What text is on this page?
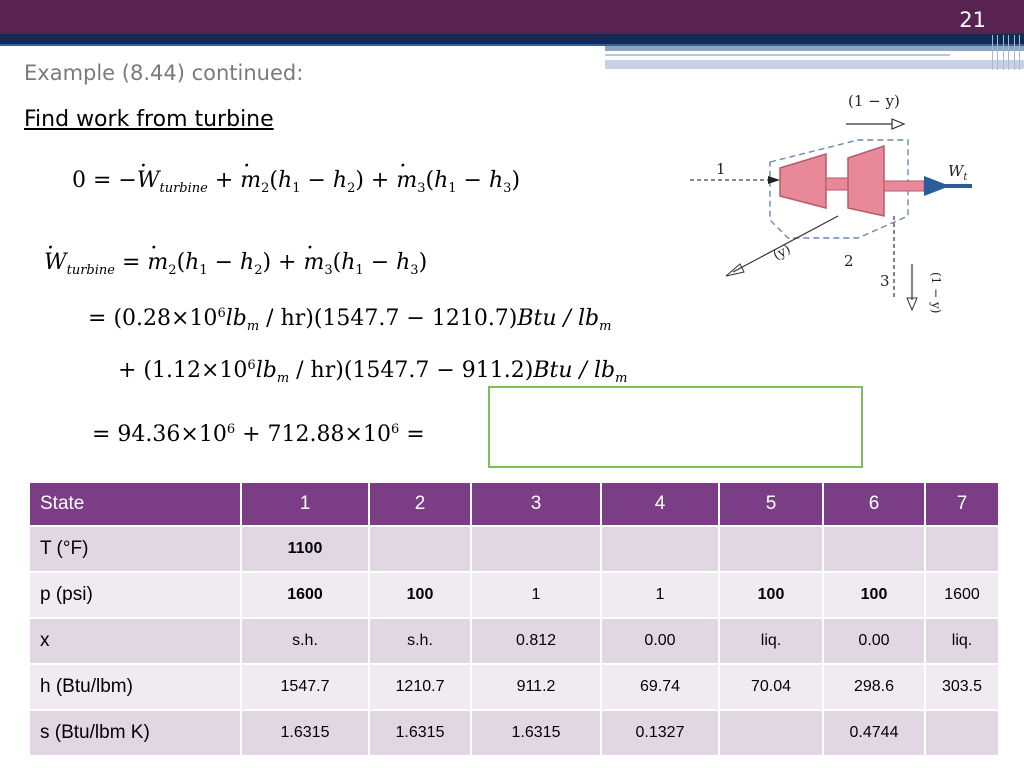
21
Example (8.44) continued:
Find work from turbine
0 = −· $W_{turbine}$ + · $m_2(h_1 - h_2)$ + · $m_3(h_1 - h_3)$
· $W_{turbine}$ = · $m_2(h_1 - h_2)$ + · $m_3(h_1 - h_3)$
= $(0.28\times 10^6lb_m / hr)(1547.7 - 1210.7)Btu / lb_m$
+ $(1.12\times 10^6lb_m / hr)(1547.7 - 911.2)Btu / lb_m$
= $94.36\times 10^6 + 712.88\times 10^6$ =
(1 − y)
1	$W_t$
(y)	2
3	(1 − y)
State	1	2	3	4	5	6	7
T (°F)	1100						
p (psi)	1600	100	1	1	100	100	1600
x	s.h.	s.h.	0.812	0.00	liq.	0.00	liq.
h (Btu/lbm)	1547.7	1210.7	911.2	69.74	70.04	298.6	303.5
s (Btu/lbm K)	1.6315	1.6315	1.6315	0.1327		0.4744	
